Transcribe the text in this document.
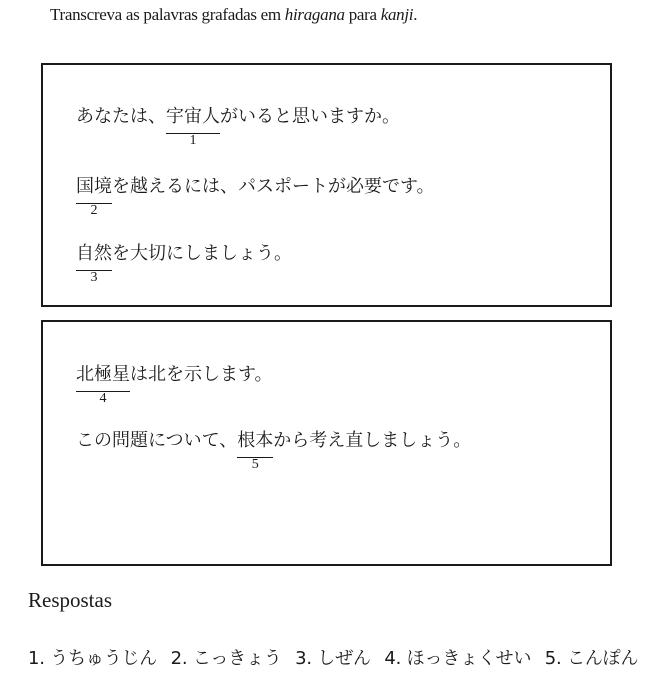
Transcreva as palavras grafadas em hiragana para kanji.
あなたは、宇宙人
1
がいると思いますか。
国境
2
を越えるには、パスポートが必要です。
自然
3
を大切にしましょう。
北極星
4
は北を示します。
この問題について、根本
5
から考え直しましょう。
Respostas
1. うちゅうじん 2. こっきょう 3. しぜん 4. ほっきょくせい 5. こんぽん
